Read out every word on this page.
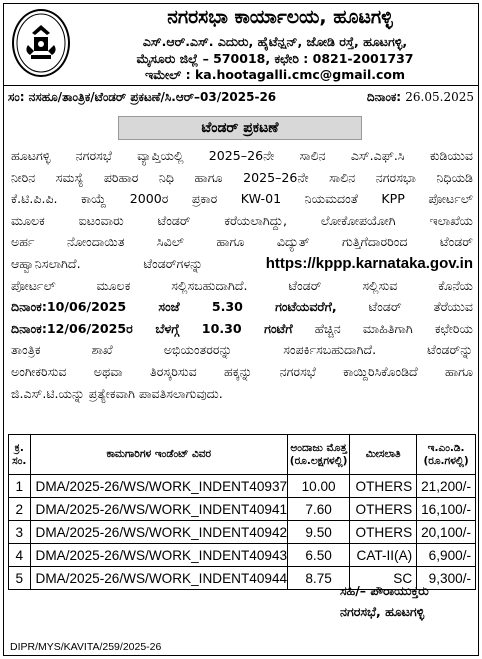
ನಗರಸಭಾ ಕಾರ್ಯಾಲಯ, ಹೂಟಗಳ್ಳಿ
ಎಸ್.ಆರ್.ಎಸ್. ಎದುರು, ಹೈಟೆನ್ಷನ್, ಜೋಡಿ ರಸ್ತೆ, ಹೂಟಗಳ್ಳಿ,
ಮೈಸೂರು ಜಿಲ್ಲೆ – 570018, ಕಛೇರಿ : 0821-2001737
ಇಮೇಲ್ : ka.hootagalli.cmc@gmail.com
ಸಂ: ನಸಹೂ/ತಾಂತ್ರಿಕ/ಟೆಂಡರ್ ಪ್ರಕಟಣೆ/ಸಿ.ಆರ್–03/2025-26	ದಿನಾಂಕ: 26.05.2025
ಟೆಂಡರ್ ಪ್ರಕಟಣೆ
ಹೂಟಗಳ್ಳಿ ನಗರಸಭೆ ವ್ಯಾಪ್ತಿಯಲ್ಲಿ 2025–26ನೇ ಸಾಲಿನ ಎಸ್.ಎಫ್.ಸಿ ಕುಡಿಯುವ
ನೀರಿನ ಸಮಸ್ಯೆ ಪರಿಹಾರ ನಿಧಿ ಹಾಗೂ 2025–26ನೇ ಸಾಲಿನ ನಗರಸಭಾ ನಿಧಿಯಡಿ
ಕೆ.ಟಿ.ಪಿ.ಪಿ. ಕಾಯ್ದೆ 2000ರ ಪ್ರಕಾರ KW-01 ನಿಯಮದಂತೆ KPP ಪೋರ್ಟಲ್
ಮೂಲಕ ಐಟಂವಾರು ಟೆಂಡರ್ ಕರೆಯಲಾಗಿದ್ದು, ಲೋಕೋಪಯೋಗಿ ಇಲಾಖೆಯ
ಅರ್ಹ ನೋಂದಾಯಿತ ಸಿವಿಲ್ ಹಾಗೂ ವಿದ್ಯುತ್ ಗುತ್ತಿಗೆದಾರರಿಂದ ಟೆಂಡರ್
ಆಹ್ವಾನಿಸಲಾಗಿದೆ. ಟೆಂಡರ್‌ಗಳನ್ನು	https://kppp.karnataka.gov.in
ಪೋರ್ಟಲ್ ಮೂಲಕ ಸಲ್ಲಿಸಬಹುದಾಗಿದೆ. ಟೆಂಡರ್ ಸಲ್ಲಿಸುವ ಕೊನೆಯ
ದಿನಾಂಕ:10/06/2025 ಸಂಜೆ 5.30 ಗಂಟೆಯವರೆಗೆ,	ಟೆಂಡರ್ ತೆರೆಯುವ
ದಿನಾಂಕ:12/06/2025ರ ಬೆಳಗ್ಗೆ 10.30 ಗಂಟೆಗೆ ಹೆಚ್ಚಿನ ಮಾಹಿತಿಗಾಗಿ ಕಛೇರಿಯ
ತಾಂತ್ರಿಕ ಶಾಖೆ ಅಭಿಯಂತರರನ್ನು ಸಂಪರ್ಕಿಸಬಹುದಾಗಿದೆ. ಟೆಂಡರ್‌ನ್ನು
ಅಂಗೀಕರಿಸುವ ಅಥವಾ ತಿರಸ್ಕರಿಸುವ ಹಕ್ಕನ್ನು ನಗರಸಭೆ ಕಾಯ್ದಿರಿಸಿಕೊಂಡಿದೆ ಹಾಗೂ
ಜಿ.ಎಸ್.ಟಿ.ಯನ್ನು ಪ್ರತ್ಯೇಕವಾಗಿ ಪಾವತಿಸಲಾಗುವುದು.
ಕ್ರ. ಸಂ.	ಕಾಮಗಾರಿಗಳ ಇಂಡೆಂಟ್ ವಿವರ	ಅಂದಾಜು ಮೊತ್ತ (ರೂ.ಲಕ್ಷಗಳಲ್ಲಿ)	ಮೀಸಲಾತಿ	ಇ.ಎಂ.ಡಿ. (ರೂ.ಗಳಲ್ಲಿ)
1	DMA/2025-26/WS/WORK_INDENT40937	10.00	OTHERS	21,200/-
2	DMA/2025-26/WS/WORK_INDENT40941	7.60	OTHERS	16,100/-
3	DMA/2025-26/WS/WORK_INDENT40942	9.50	OTHERS	20,100/-
4	DMA/2025-26/WS/WORK_INDENT40943	6.50	CAT-II(A)	6,900/-
5	DMA/2025-26/WS/WORK_INDENT40944	8.75	SC	9,300/-
ಸಹಿ/– ಪೌರಾಯುಕ್ತರು
ನಗರಸಭೆ, ಹೂಟಗಳ್ಳಿ
DIPR/MYS/KAVITA/259/2025-26
